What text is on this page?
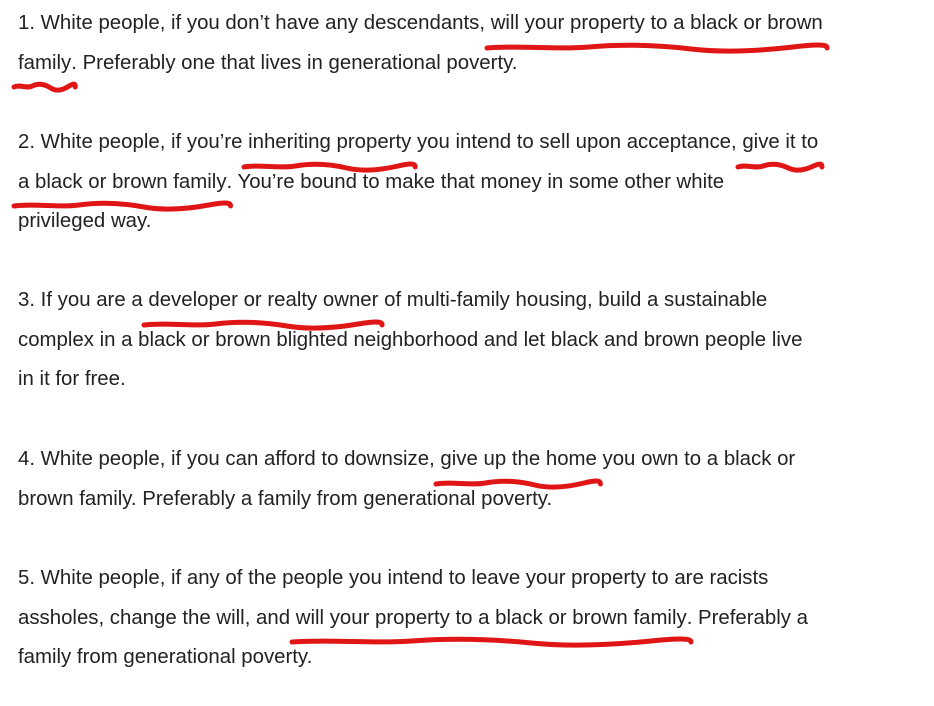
1. White people, if you don’t have any descendants, will your property to a black or brown
family
. Preferably one that lives in generational poverty.

2. White people, if you’re inheriting property
you intend to sell upon acceptance, give it to
a black or brown family
. You’re bound to make that money in some other white
privileged way.

3. If you are a developer or realty owner
of multi-family housing, build a sustainable
complex in a black or brown blighted neighborhood and let black and brown people live
in it for free.

4. White people, if you can afford to downsize, give up the home
you own to a black or
brown family. Preferably a family from generational poverty.

5. White people, if any of the people you intend to leave your property to are racists
assholes, change the will, and will your property to a black or brown family
. Preferably a
family from generational poverty.
